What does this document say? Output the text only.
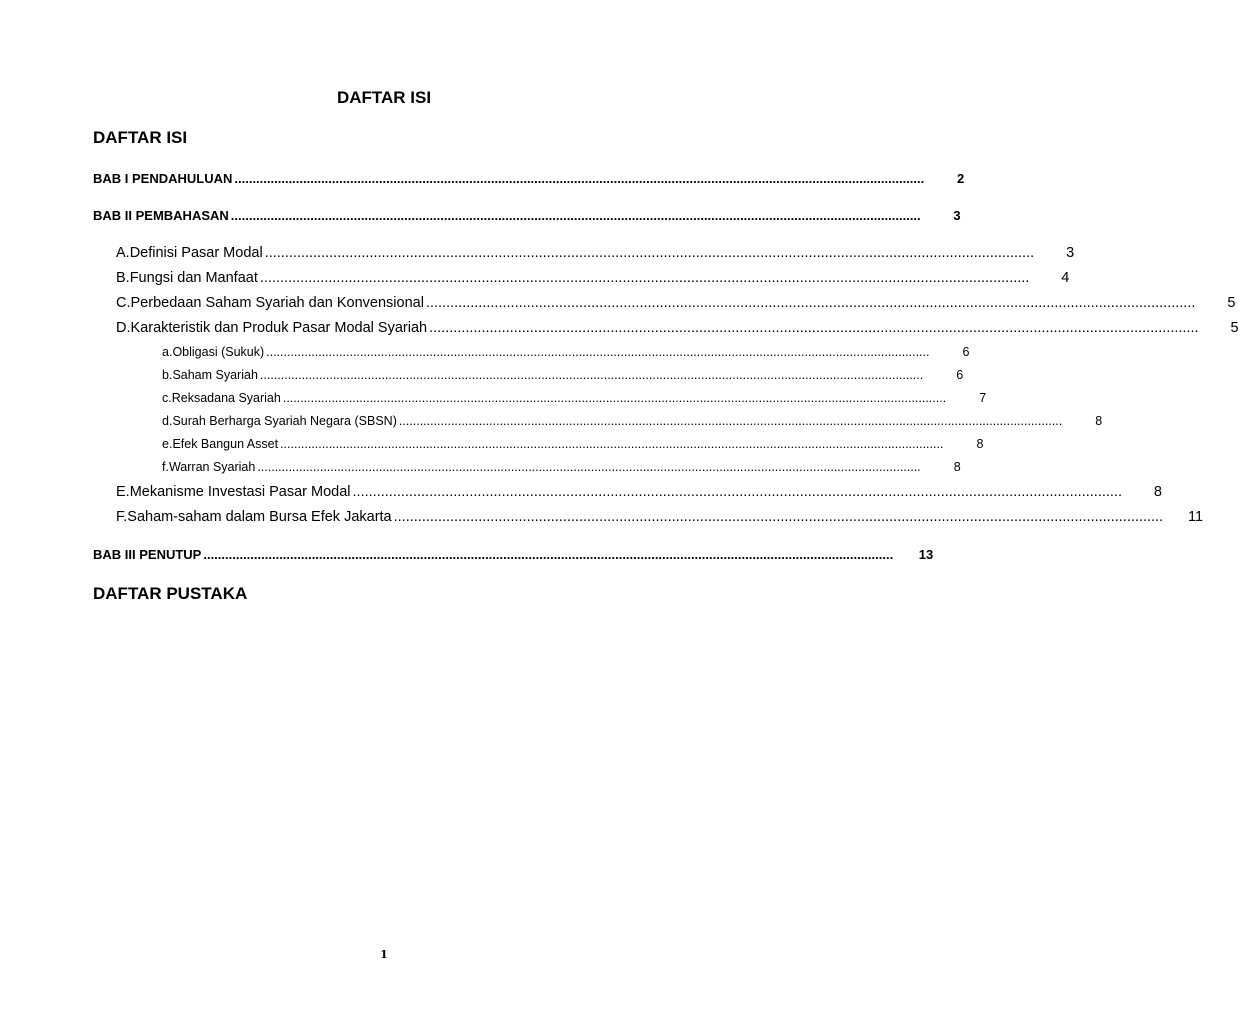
DAFTAR ISI
DAFTAR ISI
BAB I PENDAHULUAN ...............................................................................................................................................................................................	2
BAB II PEMBAHASAN ...............................................................................................................................................................................................	3
A. Definisi Pasar Modal ...............................................................................................................................................................................................	3
B. Fungsi dan Manfaat ...............................................................................................................................................................................................	4
C. Perbedaan Saham Syariah dan Konvensional ...............................................................................................................................................................................................	5
D. Karakteristik dan Produk Pasar Modal Syariah ...............................................................................................................................................................................................	5
a. Obligasi (Sukuk) ...............................................................................................................................................................................................	6
b. Saham Syariah ...............................................................................................................................................................................................	6
c. Reksadana Syariah ...............................................................................................................................................................................................	7
d. Surah Berharga Syariah Negara (SBSN) ...............................................................................................................................................................................................	8
e. Efek Bangun Asset ...............................................................................................................................................................................................	8
f. Warran Syariah ...............................................................................................................................................................................................	8
E. Mekanisme Investasi Pasar Modal ...............................................................................................................................................................................................	8
F. Saham-saham dalam Bursa Efek Jakarta ...............................................................................................................................................................................................	11
BAB III PENUTUP ...............................................................................................................................................................................................	13
DAFTAR PUSTAKA
1
